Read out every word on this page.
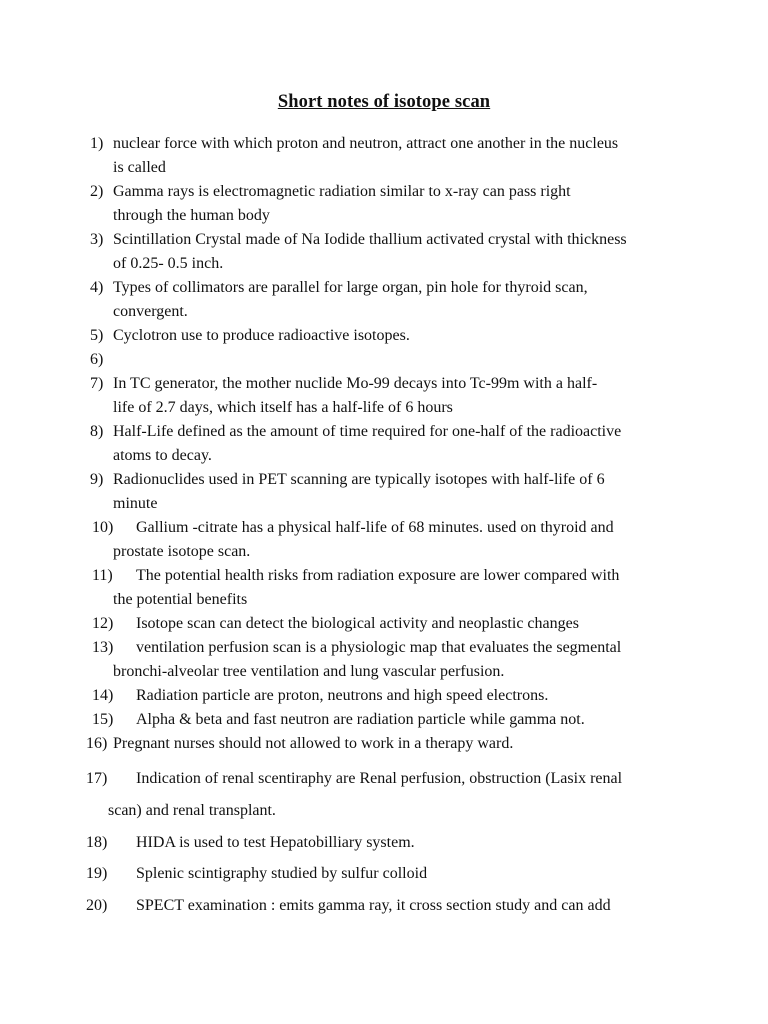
Short notes of isotope scan
1) nuclear force with which proton and neutron, attract one another in the nucleus
is called
2) Gamma rays is electromagnetic radiation similar to x-ray can pass right
through the human body
3) Scintillation Crystal made of Na Iodide thallium activated crystal with thickness
of 0.25- 0.5 inch.
4) Types of collimators are parallel for large organ, pin hole for thyroid scan,
convergent.
5) Cyclotron use to produce radioactive isotopes.
6)
7) In TC generator, the mother nuclide Mo-99 decays into Tc-99m with a half-
life of 2.7 days, which itself has a half-life of 6 hours
8) Half-Life defined as the amount of time required for one-half of the radioactive
atoms to decay.
9) Radionuclides used in PET scanning are typically isotopes with half-life of 6
minute
10) Gallium -citrate has a physical half-life of 68 minutes. used on thyroid and
prostate isotope scan.
11) The potential health risks from radiation exposure are lower compared with
the potential benefits
12) Isotope scan can detect the biological activity and neoplastic changes
13) ventilation perfusion scan is a physiologic map that evaluates the segmental
bronchi-alveolar tree ventilation and lung vascular perfusion.
14) Radiation particle are proton, neutrons and high speed electrons.
15) Alpha & beta and fast neutron are radiation particle while gamma not.
16) Pregnant nurses should not allowed to work in a therapy ward.
17) Indication of renal scentiraphy are Renal perfusion, obstruction (Lasix renal
scan) and renal transplant.
18) HIDA is used to test Hepatobilliary system.
19) Splenic scintigraphy studied by sulfur colloid
20) SPECT examination : emits gamma ray, it cross section study and can add
